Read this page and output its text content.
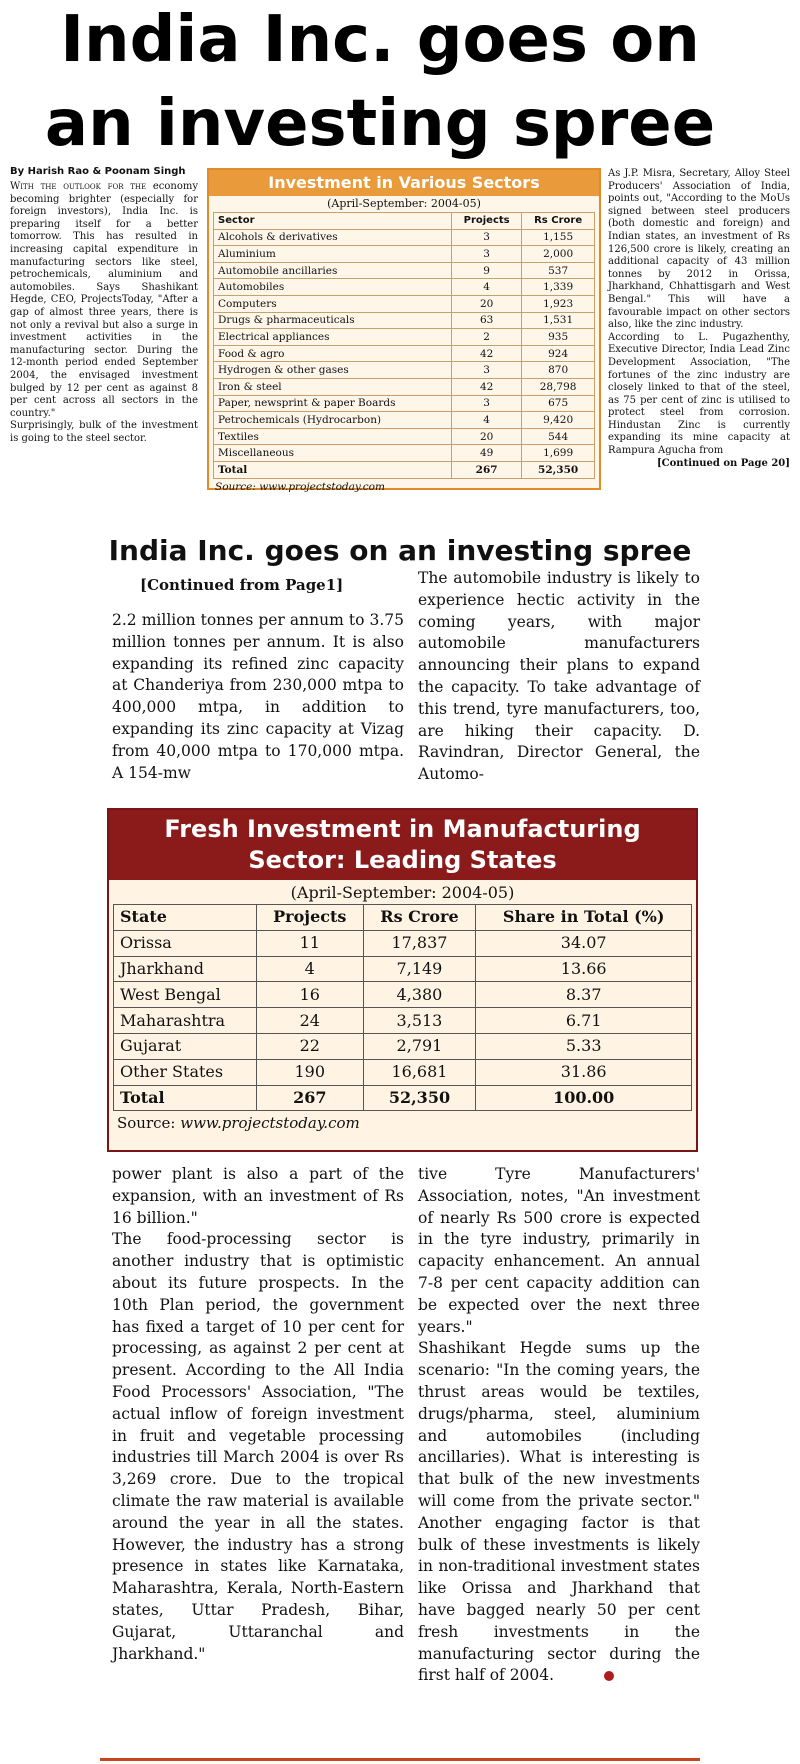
India Inc. goes on
an investing spree
By Harish Rao & Poonam Singh

With the outlook for the economy becoming brighter (especially for foreign investors), India Inc. is preparing itself for a better tomorrow. This has resulted in increasing capital expenditure in manufacturing sectors like steel, petrochemicals, aluminium and automobiles. Says Shashikant Hegde, CEO, ProjectsToday, "After a gap of almost three years, there is not only a revival but also a surge in investment activities in the manufacturing sector. During the 12-month period ended September 2004, the envisaged investment bulged by 12 per cent as against 8 per cent across all sectors in the country."

Surprisingly, bulk of the investment is going to the steel sector.

Investment in Various Sectors
(April-September: 2004-05)
Sector	Projects	Rs Crore
Alcohols & derivatives	3	1,155
Aluminium	3	2,000
Automobile ancillaries	9	537
Automobiles	4	1,339
Computers	20	1,923
Drugs & pharmaceuticals	63	1,531
Electrical appliances	2	935
Food & agro	42	924
Hydrogen & other gases	3	870
Iron & steel	42	28,798
Paper, newsprint & paper Boards	3	675
Petrochemicals (Hydrocarbon)	4	9,420
Textiles	20	544
Miscellaneous	49	1,699
Total	267	52,350
Source: www.projectstoday.com

As J.P. Misra, Secretary, Alloy Steel Producers' Association of India, points out, "According to the MoUs signed between steel producers (both domestic and foreign) and Indian states, an investment of Rs 126,500 crore is likely, creating an additional capacity of 43 million tonnes by 2012 in Orissa, Jharkhand, Chhattisgarh and West Bengal." This will have a favourable impact on other sectors also, like the zinc industry.

According to L. Pugazhenthy, Executive Director, India Lead Zinc Development Association, "The fortunes of the zinc industry are closely linked to that of the steel, as 75 per cent of zinc is utilised to protect steel from corrosion. Hindustan Zinc is currently expanding its mine capacity at Rampura Agucha from

[Continued on Page 20]

India Inc. goes on an investing spree
[Continued from Page1]

2.2 million tonnes per annum to 3.75 million tonnes per annum. It is also expanding its refined zinc capacity at Chanderiya from 230,000 mtpa to 400,000 mtpa, in addition to expanding its zinc capacity at Vizag from 40,000 mtpa to 170,000 mtpa. A 154-mw

The automobile industry is likely to experience hectic activity in the coming years, with major automobile manufacturers announcing their plans to expand the capacity. To take advantage of this trend, tyre manufacturers, too, are hiking their capacity. D. Ravindran, Director General, the Automo-

Fresh Investment in Manufacturing
Sector: Leading States
(April-September: 2004-05)
State	Projects	Rs Crore	Share in Total (%)
Orissa	11	17,837	34.07
Jharkhand	4	7,149	13.66
West Bengal	16	4,380	8.37
Maharashtra	24	3,513	6.71
Gujarat	22	2,791	5.33
Other States	190	16,681	31.86
Total	267	52,350	100.00
Source: www.projectstoday.com

power plant is also a part of the expansion, with an investment of Rs 16 billion."

The food-processing sector is another industry that is optimistic about its future prospects. In the 10th Plan period, the government has fixed a target of 10 per cent for processing, as against 2 per cent at present. According to the All India Food Processors' Association, "The actual inflow of foreign investment in fruit and vegetable processing industries till March 2004 is over Rs 3,269 crore. Due to the tropical climate the raw material is available around the year in all the states. However, the industry has a strong presence in states like Karnataka, Maharashtra, Kerala, North-Eastern states, Uttar Pradesh, Bihar, Gujarat, Uttaranchal and Jharkhand."

tive Tyre Manufacturers' Association, notes, "An investment of nearly Rs 500 crore is expected in the tyre industry, primarily in capacity enhancement. An annual 7-8 per cent capacity addition can be expected over the next three years."

Shashikant Hegde sums up the scenario: "In the coming years, the thrust areas would be textiles, drugs/pharma, steel, aluminium and automobiles (including ancillaries). What is interesting is that bulk of the new investments will come from the private sector." Another engaging factor is that bulk of these investments is likely in non-traditional investment states like Orissa and Jharkhand that have bagged nearly 50 per cent fresh investments in the manufacturing sector during the first half of 2004.
